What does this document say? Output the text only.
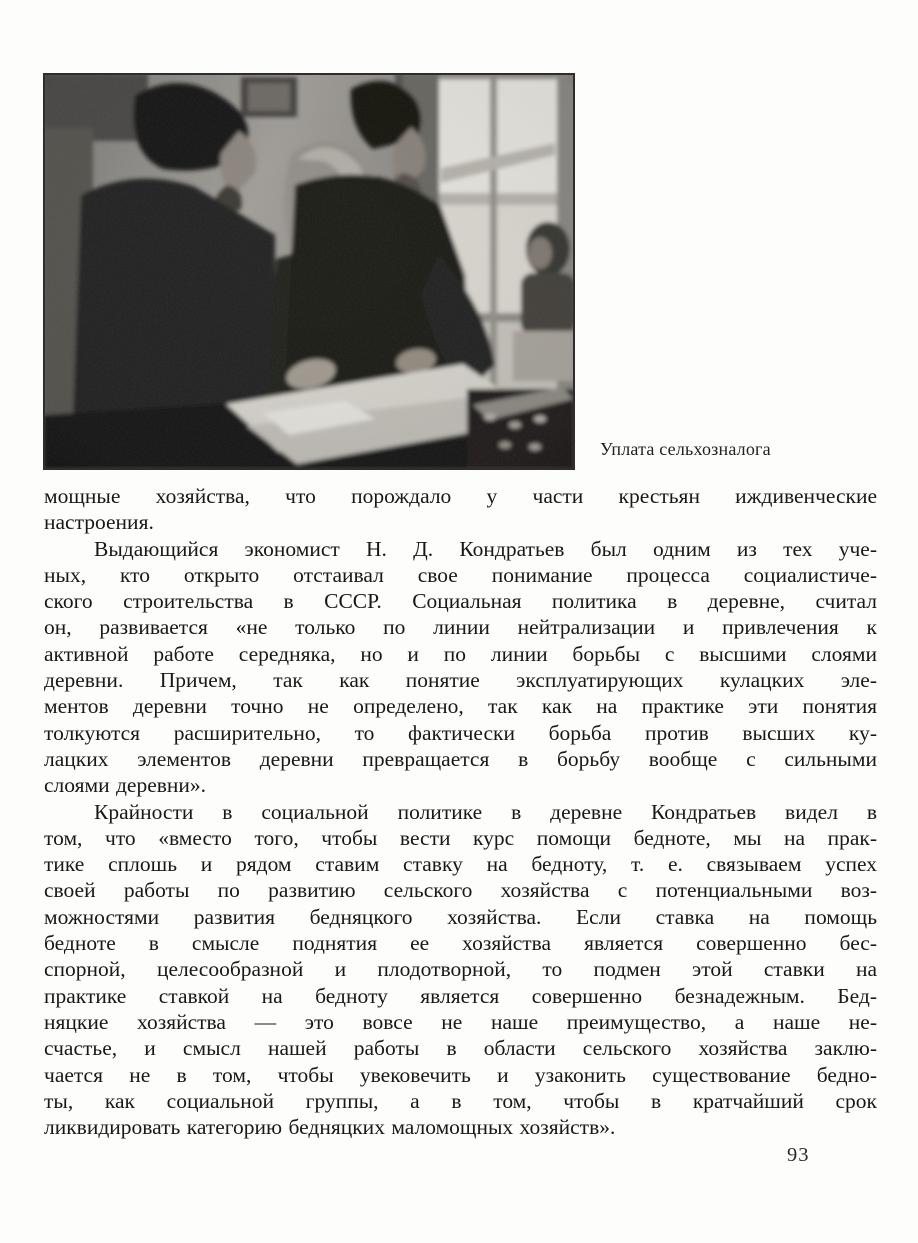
Уплата сельхозналога
мощные хозяйства, что порождало у части крестьян иждивенческие
настроения.
Выдающийся экономист Н. Д. Кондратьев был одним из тех уче-
ных, кто открыто отстаивал свое понимание процесса социалистиче-
ского строительства в СССР. Социальная политика в деревне, считал
он, развивается «не только по линии нейтрализации и привлечения к
активной работе середняка, но и по линии борьбы с высшими слоями
деревни. Причем, так как понятие эксплуатирующих кулацких эле-
ментов деревни точно не определено, так как на практике эти понятия
толкуются расширительно, то фактически борьба против высших ку-
лацких элементов деревни превращается в борьбу вообще с сильными
слоями деревни».
Крайности в социальной политике в деревне Кондратьев видел в
том, что «вместо того, чтобы вести курс помощи бедноте, мы на прак-
тике сплошь и рядом ставим ставку на бедноту, т. е. связываем успех
своей работы по развитию сельского хозяйства с потенциальными воз-
можностями развития бедняцкого хозяйства. Если ставка на помощь
бедноте в смысле поднятия ее хозяйства является совершенно бес-
спорной, целесообразной и плодотворной, то подмен этой ставки на
практике ставкой на бедноту является совершенно безнадежным. Бед-
няцкие хозяйства — это вовсе не наше преимущество, а наше не-
счастье, и смысл нашей работы в области сельского хозяйства заклю-
чается не в том, чтобы увековечить и узаконить существование бедно-
ты, как социальной группы, а в том, чтобы в кратчайший срок
ликвидировать категорию бедняцких маломощных хозяйств».
93
